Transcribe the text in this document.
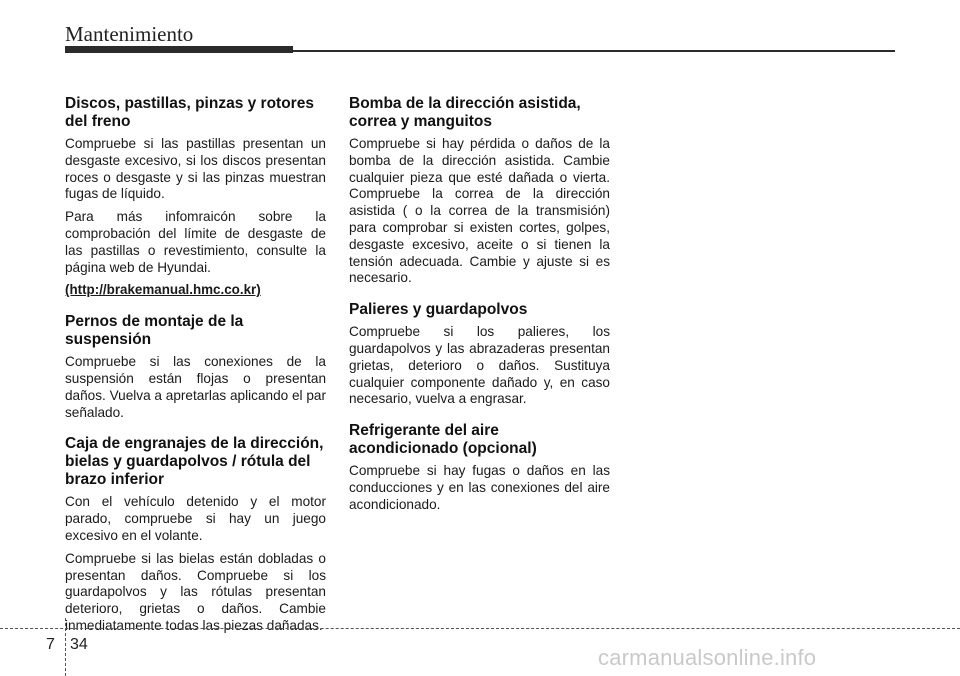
Mantenimiento
Discos, pastillas, pinzas y rotores del freno

Compruebe si las pastillas presentan un desgaste excesivo, si los discos presentan roces o desgaste y si las pinzas muestran fugas de líquido.

Para más infomraicón sobre la comprobación del límite de desgaste de las pastillas o revestimiento, consulte la página web de Hyundai.

(http://brakemanual.hmc.co.kr)
Pernos de montaje de la suspensión

Compruebe si las conexiones de la suspensión están flojas o presentan daños. Vuelva a apretarlas aplicando el par señalado.

Caja de engranajes de la dirección, bielas y guardapolvos / rótula del brazo inferior

Con el vehículo detenido y el motor parado, compruebe si hay un juego excesivo en el volante.

Compruebe si las bielas están dobladas o presentan daños. Compruebe si los guardapolvos y las rótulas presentan deterioro, grietas o daños. Cambie inmediatamente todas las piezas dañadas.

Bomba de la dirección asistida, correa y manguitos

Compruebe si hay pérdida o daños de la bomba de la dirección asistida. Cambie cualquier pieza que esté dañada o vierta. Compruebe la correa de la dirección asistida ( o la correa de la transmisión) para comprobar si existen cortes, golpes, desgaste excesivo, aceite o si tienen la tensión adecuada. Cambie y ajuste si es necesario.

Palieres y guardapolvos

Compruebe si los palieres, los guardapolvos y las abrazaderas presentan grietas, deterioro o daños. Sustituya cualquier componente dañado y, en caso necesario, vuelva a engrasar.

Refrigerante del aire acondicionado (opcional)

Compruebe si hay fugas o daños en las conducciones y en las conexiones del aire acondicionado.

7 34
carmanualsonline.info
